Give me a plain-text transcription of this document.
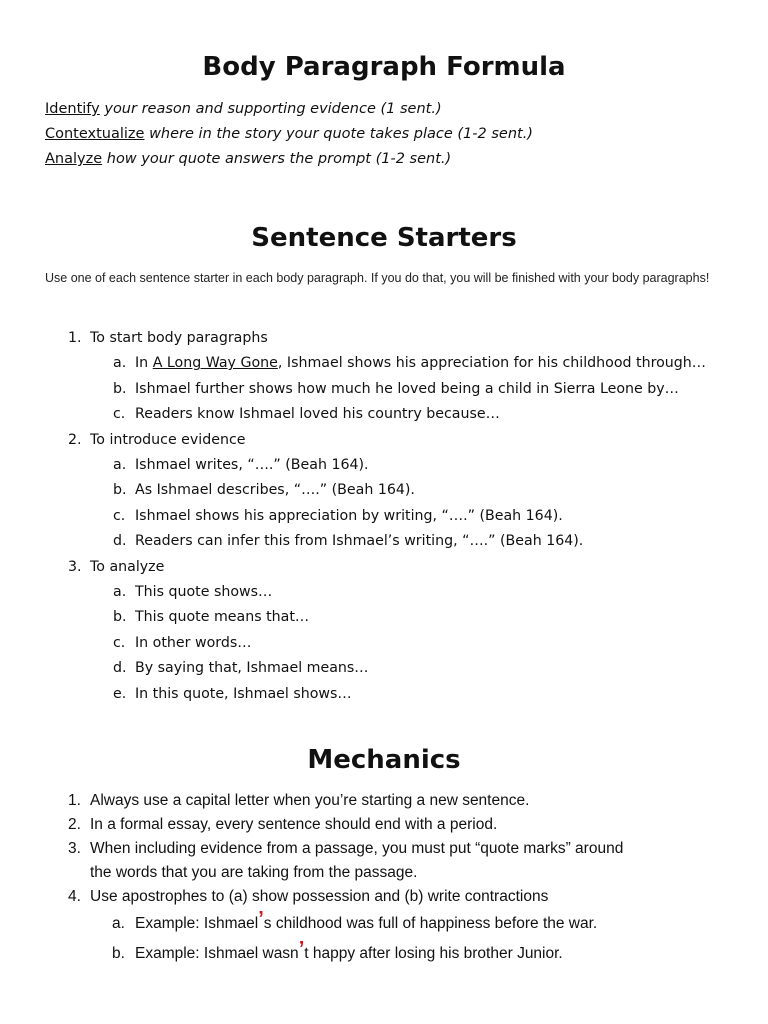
Body Paragraph Formula
Identify your reason and supporting evidence (1 sent.)
Contextualize where in the story your quote takes place (1-2 sent.)
Analyze how your quote answers the prompt (1-2 sent.)
Sentence Starters
Use one of each sentence starter in each body paragraph. If you do that, you will be finished with your body paragraphs!
1. To start body paragraphs
a. In A Long Way Gone, Ishmael shows his appreciation for his childhood through…
b. Ishmael further shows how much he loved being a child in Sierra Leone by…
c. Readers know Ishmael loved his country because…
2. To introduce evidence
a. Ishmael writes, “….” (Beah 164).
b. As Ishmael describes, “….” (Beah 164).
c. Ishmael shows his appreciation by writing, “….” (Beah 164).
d. Readers can infer this from Ishmael’s writing, “….” (Beah 164).
3. To analyze
a. This quote shows…
b. This quote means that…
c. In other words…
d. By saying that, Ishmael means…
e. In this quote, Ishmael shows…
Mechanics
1. Always use a capital letter when you’re starting a new sentence.
2. In a formal essay, every sentence should end with a period.
3. When including evidence from a passage, you must put “quote marks” around
the words that you are taking from the passage.
4. Use apostrophes to (a) show possession and (b) write contractions
a. Example: Ishmael’s childhood was full of happiness before the war.
b. Example: Ishmael wasn’t happy after losing his brother Junior.
